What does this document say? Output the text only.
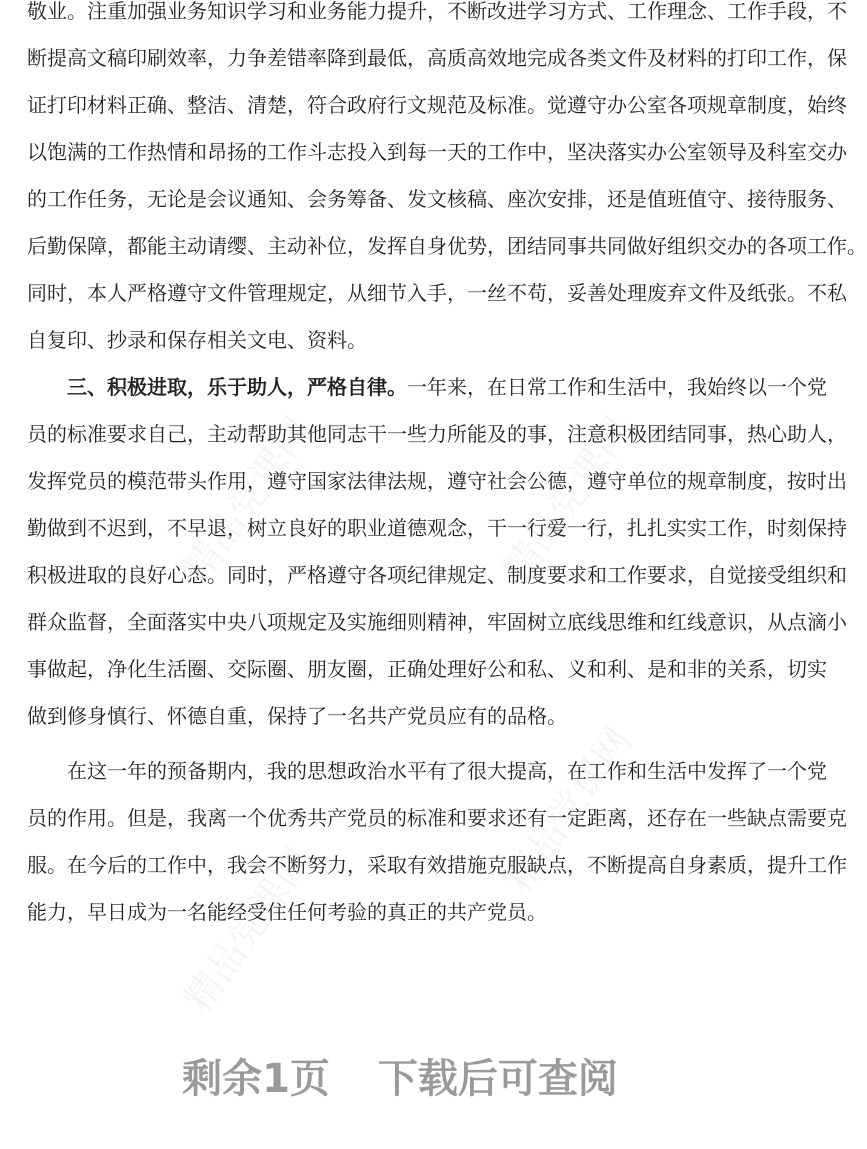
敬业。注重加强业务知识学习和业务能力提升，不断改进学习方式、工作理念、工作手段，不
断提高文稿印刷效率，力争差错率降到最低，高质高效地完成各类文件及材料的打印工作，保
证打印材料正确、整洁、清楚，符合政府行文规范及标准。觉遵守办公室各项规章制度，始终
以饱满的工作热情和昂扬的工作斗志投入到每一天的工作中，坚决落实办公室领导及科室交办
的工作任务，无论是会议通知、会务筹备、发文核稿、座次安排，还是值班值守、接待服务、
后勤保障，都能主动请缨、主动补位，发挥自身优势，团结同事共同做好组织交办的各项工作。
同时，本人严格遵守文件管理规定，从细节入手，一丝不苟，妥善处理废弃文件及纸张。不私
自复印、抄录和保存相关文电、资料。
三、积极进取，乐于助人，严格自律。一年来，在日常工作和生活中，我始终以一个党
员的标准要求自己，主动帮助其他同志干一些力所能及的事，注意积极团结同事，热心助人，
发挥党员的模范带头作用，遵守国家法律法规，遵守社会公德，遵守单位的规章制度，按时出
勤做到不迟到，不早退，树立良好的职业道德观念，干一行爱一行，扎扎实实工作，时刻保持
积极进取的良好心态。同时，严格遵守各项纪律规定、制度要求和工作要求，自觉接受组织和
群众监督，全面落实中央八项规定及实施细则精神，牢固树立底线思维和红线意识，从点滴小
事做起，净化生活圈、交际圈、朋友圈，正确处理好公和私、义和利、是和非的关系，切实
做到修身慎行、怀德自重，保持了一名共产党员应有的品格。
在这一年的预备期内，我的思想政治水平有了很大提高，在工作和生活中发挥了一个党
员的作用。但是，我离一个优秀共产党员的标准和要求还有一定距离，还存在一些缺点需要克
服。在今后的工作中，我会不断努力，采取有效措施克服缺点，不断提高自身素质，提升工作
能力，早日成为一名能经受住任何考验的真正的共产党员。
剩余1页 下载后可查阅
